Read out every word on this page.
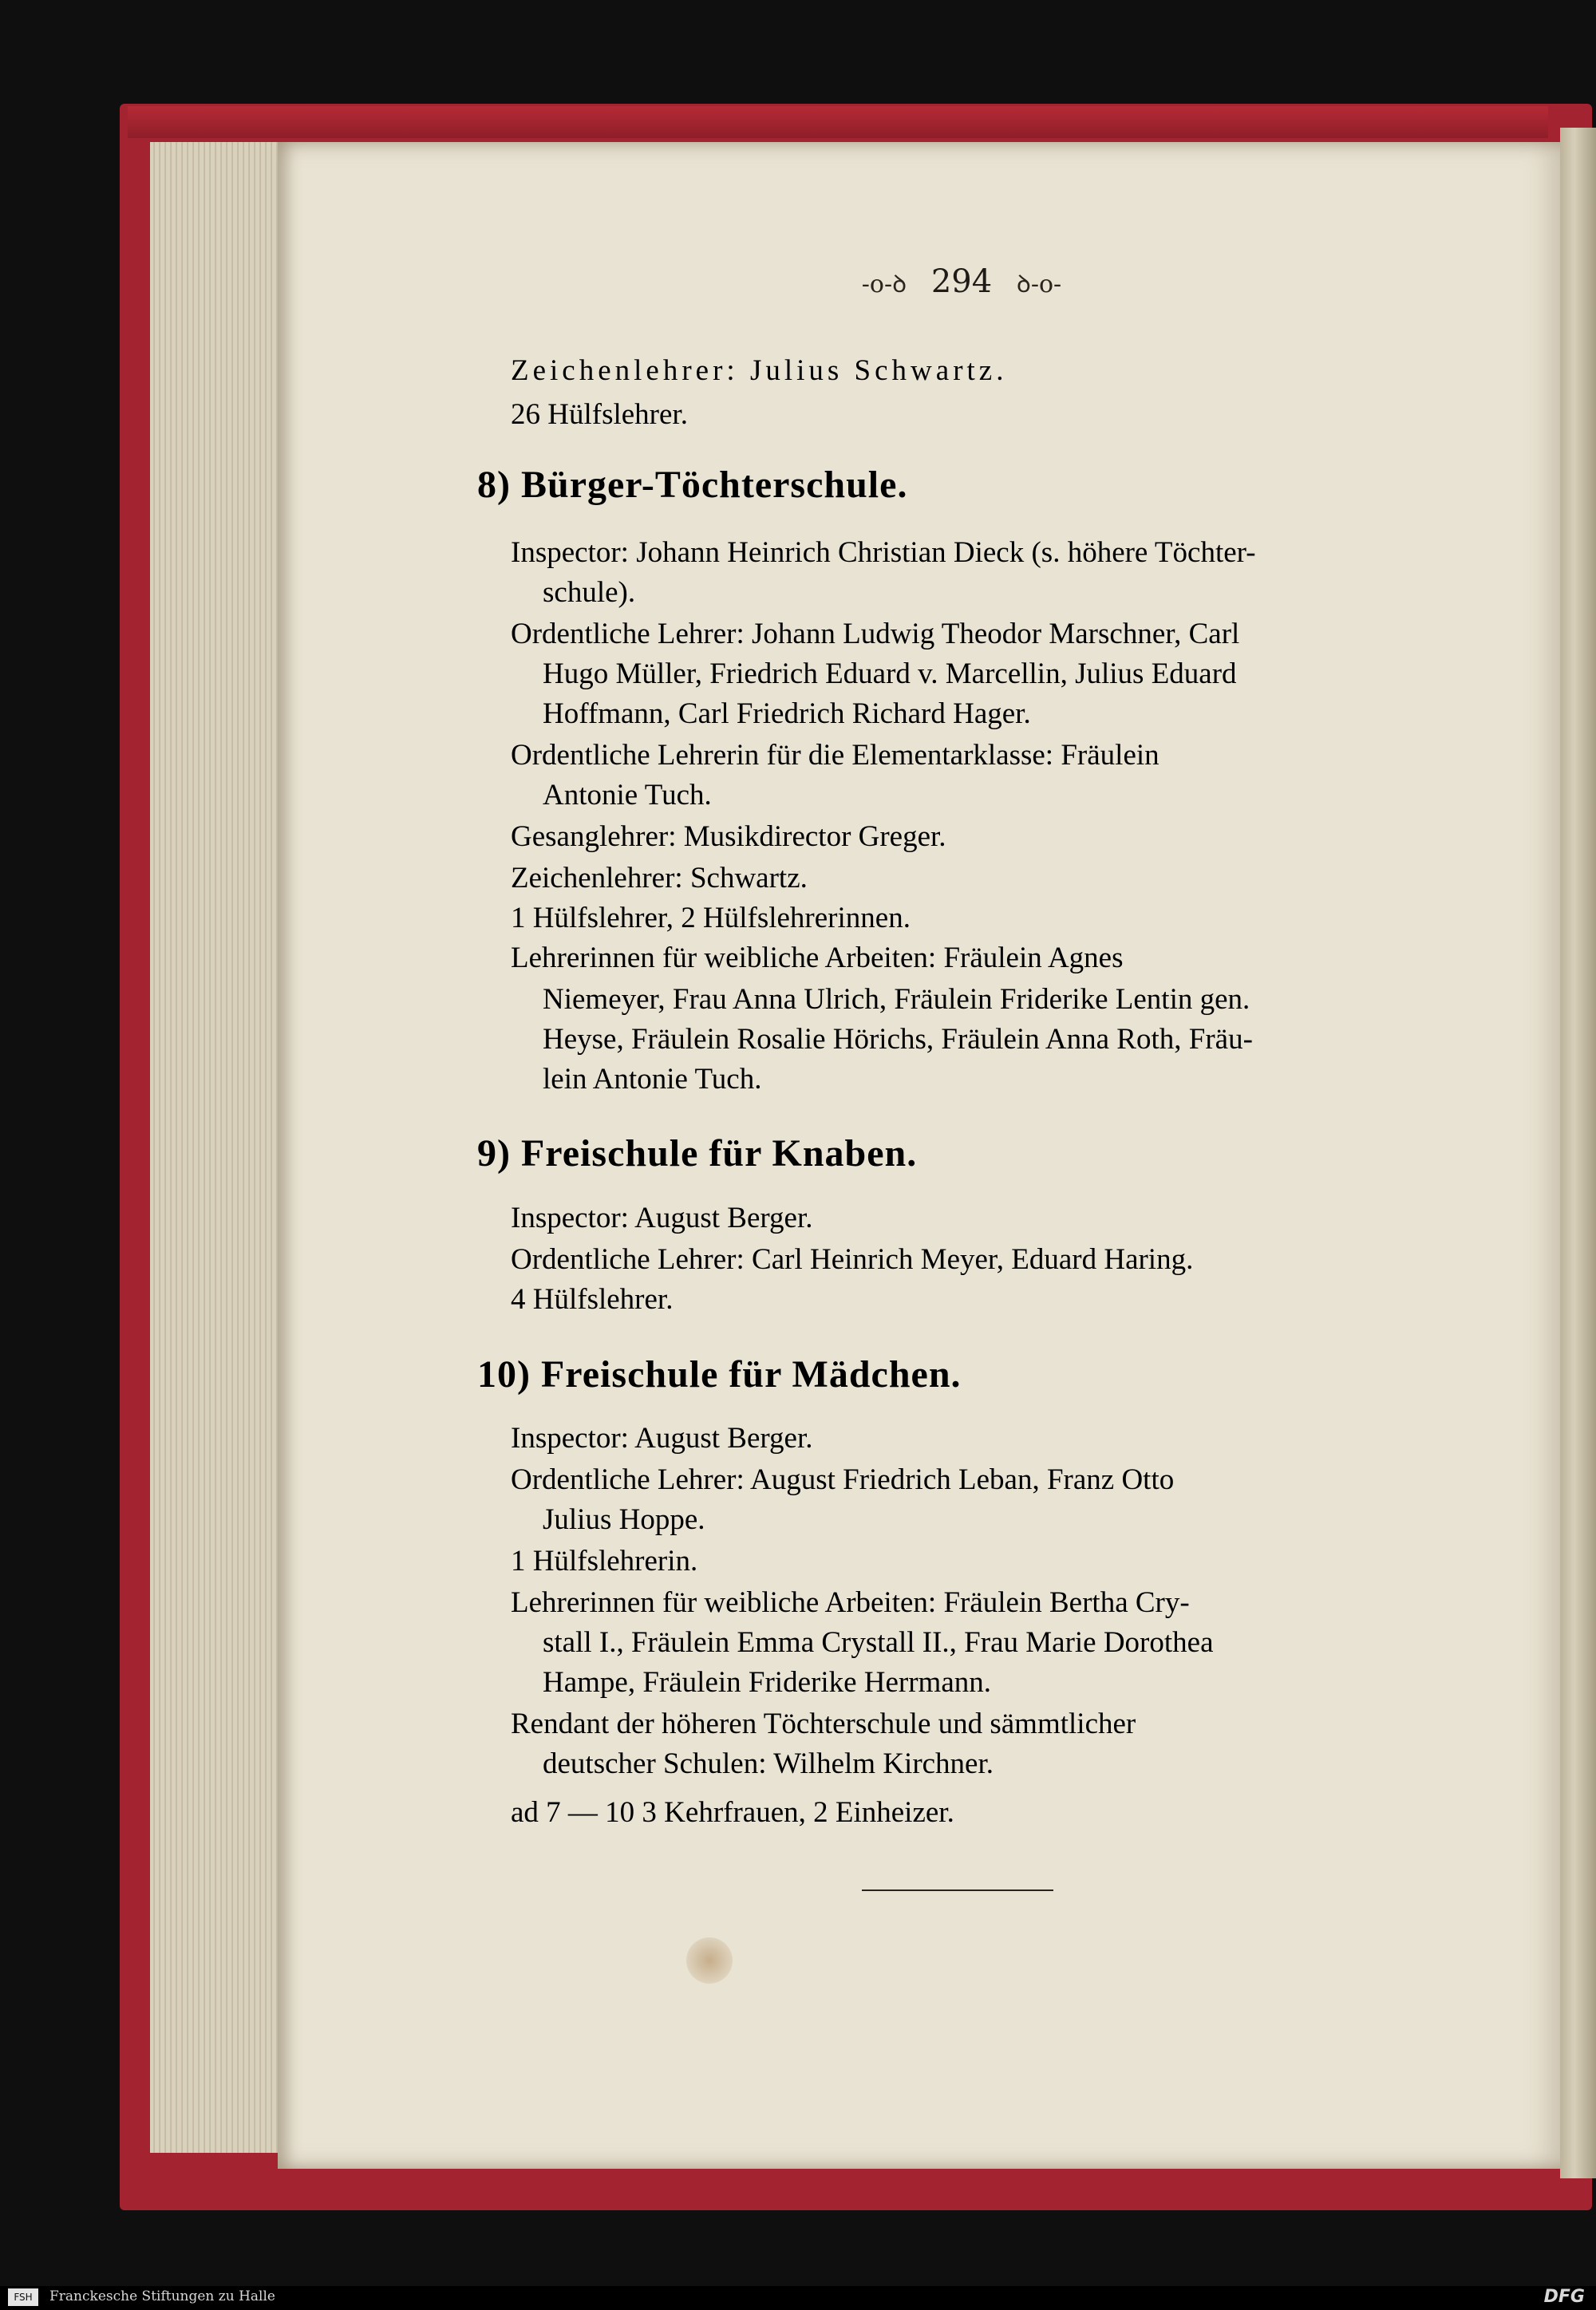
-o-ꝺ 294 ꝺ-o-
Zeichenlehrer: Julius Schwartz.
26 Hülfslehrer.
8) Bürger-Töchterschule.
Inspector: Johann Heinrich Christian Dieck (s. höhere Töchter-
schule).
Ordentliche Lehrer: Johann Ludwig Theodor Marschner, Carl
Hugo Müller, Friedrich Eduard v. Marcellin, Julius Eduard
Hoffmann, Carl Friedrich Richard Hager.
Ordentliche Lehrerin für die Elementarklasse: Fräulein
Antonie Tuch.
Gesanglehrer: Musikdirector Greger.
Zeichenlehrer: Schwartz.
1 Hülfslehrer, 2 Hülfslehrerinnen.
Lehrerinnen für weibliche Arbeiten: Fräulein Agnes
Niemeyer, Frau Anna Ulrich, Fräulein Friderike Lentin gen.
Heyse, Fräulein Rosalie Hörichs, Fräulein Anna Roth, Fräu-
lein Antonie Tuch.
9) Freischule für Knaben.
Inspector: August Berger.
Ordentliche Lehrer: Carl Heinrich Meyer, Eduard Haring.
4 Hülfslehrer.
10) Freischule für Mädchen.
Inspector: August Berger.
Ordentliche Lehrer: August Friedrich Leban, Franz Otto
Julius Hoppe.
1 Hülfslehrerin.
Lehrerinnen für weibliche Arbeiten: Fräulein Bertha Cry-
stall I., Fräulein Emma Crystall II., Frau Marie Dorothea
Hampe, Fräulein Friderike Herrmann.
Rendant der höheren Töchterschule und sämmtlicher
deutscher Schulen: Wilhelm Kirchner.
ad 7 — 10 3 Kehrfrauen, 2 Einheizer.
FSH	Franckesche Stiftungen zu Halle	DFG
